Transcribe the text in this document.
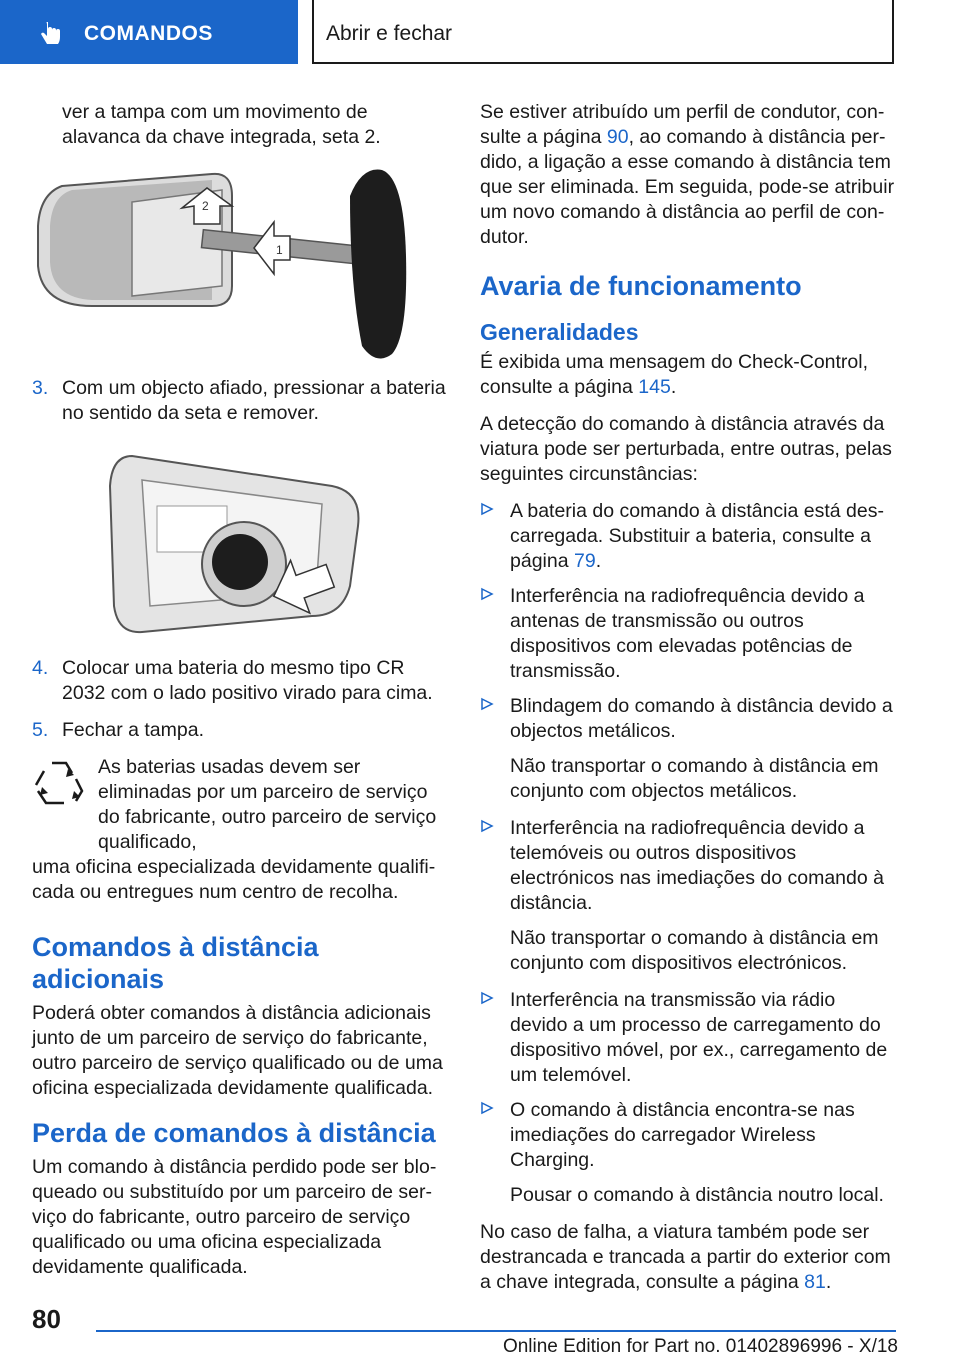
COMANDOS	Abrir e fechar

ver a tampa com um movimento de alavanca da chave integrada, seta 2.

2
1

3. Com um objecto afiado, pressionar a bateria no sentido da seta e remover.

4. Colocar uma bateria do mesmo tipo CR 2032 com o lado positivo virado para cima.

5. Fechar a tampa.

As baterias usadas devem ser eliminadas por um parceiro de serviço do fabricante, outro parceiro de serviço qualificado,

uma oficina especializada devidamente qualificada ou entregues num centro de recolha.

Comandos à distância adicionais

Poderá obter comandos à distância adicionais junto de um parceiro de serviço do fabricante, outro parceiro de serviço qualificado ou de uma oficina especializada devidamente qualificada.

Perda de comandos à distância

Um comando à distância perdido pode ser bloqueado ou substituído por um parceiro de serviço do fabricante, outro parceiro de serviço qualificado ou uma oficina especializada devidamente qualificada.

Se estiver atribuído um perfil de condutor, consulte a página 90, ao comando à distância perdido, a ligação a esse comando à distância tem que ser eliminada. Em seguida, pode-se atribuir um novo comando à distância ao perfil de condutor.

Avaria de funcionamento
Generalidades

É exibida uma mensagem do Check-Control, consulte a página 145.

A detecção do comando à distância através da viatura pode ser perturbada, entre outras, pelas seguintes circunstâncias:

A bateria do comando à distância está descarregada. Substituir a bateria, consulte a página 79.
Interferência na radiofrequência devido a antenas de transmissão ou outros dispositivos com elevadas potências de transmissão.
Blindagem do comando à distância devido a objectos metálicos.

Não transportar o comando à distância em conjunto com objectos metálicos.

Interferência na radiofrequência devido a telemóveis ou outros dispositivos electrónicos nas imediações do comando à distância.

Não transportar o comando à distância em conjunto com dispositivos electrónicos.

Interferência na transmissão via rádio devido a um processo de carregamento do dispositivo móvel, por ex., carregamento de um telemóvel.
O comando à distância encontra-se nas imediações do carregador Wireless Charging.

Pousar o comando à distância noutro local.

No caso de falha, a viatura também pode ser destrancada e trancada a partir do exterior com a chave integrada, consulte a página 81.

80
Online Edition for Part no. 01402896996 - X/18
